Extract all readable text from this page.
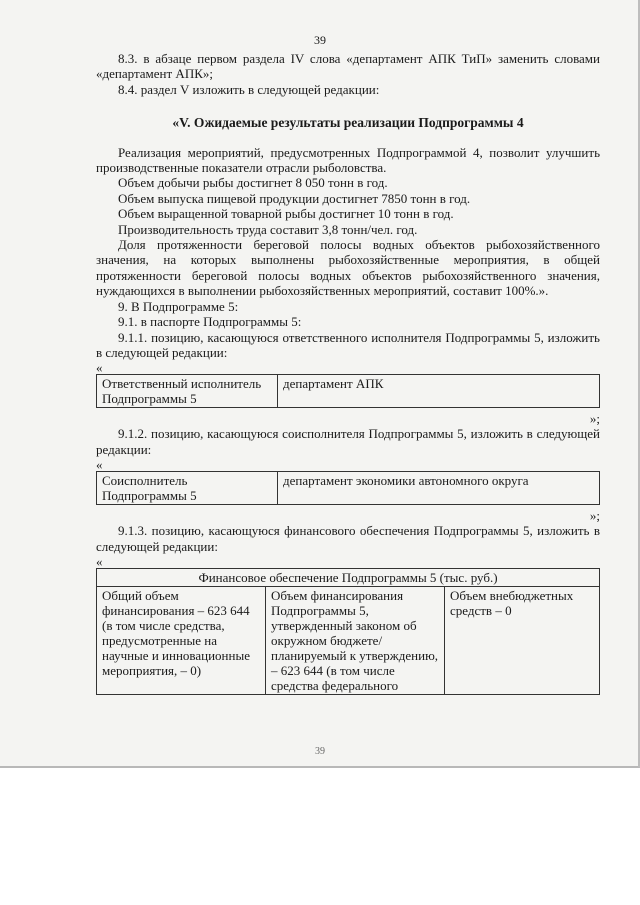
39

8.3. в абзаце первом раздела IV слова «департамент АПК ТиП» заменить словами «департамент АПК»;

8.4. раздел V изложить в следующей редакции:

«V. Ожидаемые результаты реализации Подпрограммы 4

Реализация мероприятий, предусмотренных Подпрограммой 4, позволит улучшить производственные показатели отрасли рыболовства.

Объем добычи рыбы достигнет 8 050 тонн в год.

Объем выпуска пищевой продукции достигнет 7850 тонн в год.

Объем выращенной товарной рыбы достигнет 10 тонн в год.

Производительность труда составит 3,8 тонн/чел. год.

Доля протяженности береговой полосы водных объектов рыбохозяйственного значения, на которых выполнены рыбохозяйственные мероприятия, в общей протяженности береговой полосы водных объектов рыбохозяйственного значения, нуждающихся в выполнении рыбохозяйственных мероприятий, составит 100%.».

9. В Подпрограмме 5:

9.1. в паспорте Подпрограммы 5:

9.1.1. позицию, касающуюся ответственного исполнителя Подпрограммы 5, изложить в следующей редакции:

«

Ответственный исполнитель Подпрограммы 5	департамент АПК

»;

9.1.2. позицию, касающуюся соисполнителя Подпрограммы 5, изложить в следующей редакции:

«

Соисполнитель Подпрограммы 5	департамент экономики автономного округа

»;

9.1.3. позицию, касающуюся финансового обеспечения Подпрограммы 5, изложить в следующей редакции:

«

Финансовое обеспечение Подпрограммы 5 (тыс. руб.)
Общий объем финансирования – 623 644 (в том числе средства, предусмотренные на научные и инновационные мероприятия, – 0)	Объем финансирования Подпрограммы 5, утвержденный законом об окружном бюджете/ планируемый к утверждению, – 623 644 (в том числе средства федерального	Объем внебюджетных средств – 0
39
